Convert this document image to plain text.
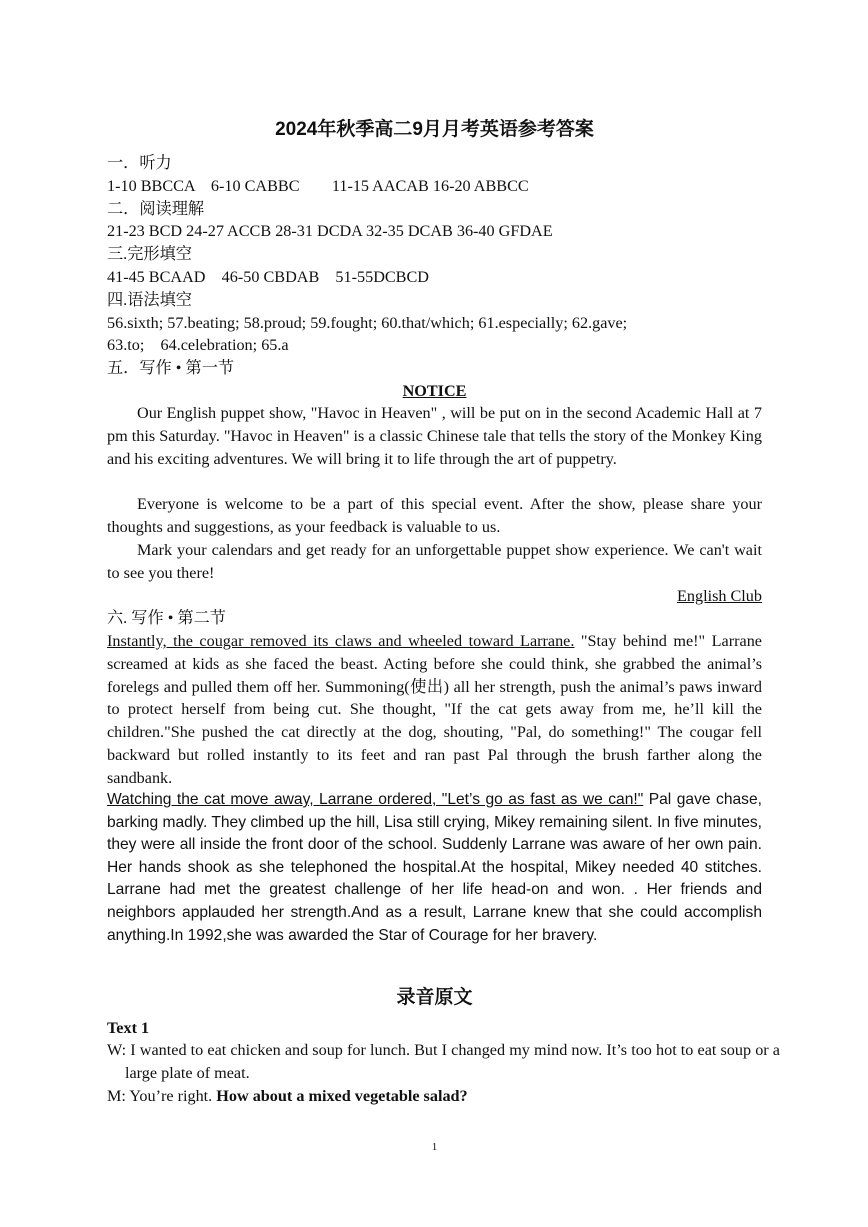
2024年秋季高二9月月考英语参考答案
一．听力
1-10 BBCCA　6-10 CABBC　　11-15 AACAB 16-20 ABBCC
二．阅读理解
21-23 BCD 24-27 ACCB 28-31 DCDA 32-35 DCAB 36-40 GFDAE
三.完形填空
41-45 BCAAD　46-50 CBDAB　51-55DCBCD
四.语法填空
56.sixth; 57.beating; 58.proud; 59.fought; 60.that/which; 61.especially; 62.gave;
63.to;　64.celebration; 65.a
五．写作 • 第一节
NOTICE
Our English puppet show, "Havoc in Heaven" , will be put on in the second Academic Hall at 7 pm this Saturday. "Havoc in Heaven" is a classic Chinese tale that tells the story of the Monkey King and his exciting adventures. We will bring it to life through the art of puppetry.
Everyone is welcome to be a part of this special event. After the show, please share your thoughts and suggestions, as your feedback is valuable to us.
Mark your calendars and get ready for an unforgettable puppet show experience. We can't wait to see you there!
English Club
六. 写作 • 第二节
Instantly, the cougar removed its claws and wheeled toward Larrane. "Stay behind me!" Larrane screamed at kids as she faced the beast. Acting before she could think, she grabbed the animal’s forelegs and pulled them off her. Summoning(使出) all her strength, push the animal’s paws inward to protect herself from being cut. She thought, "If the cat gets away from me, he’ll kill the children."She pushed the cat directly at the dog, shouting, "Pal, do something!" The cougar fell backward but rolled instantly to its feet and ran past Pal through the brush farther along the sandbank.
Watching the cat move away, Larrane ordered, "Let’s go as fast as we can!" Pal gave chase, barking madly. They climbed up the hill, Lisa still crying, Mikey remaining silent. In five minutes, they were all inside the front door of the school. Suddenly Larrane was aware of her own pain. Her hands shook as she telephoned the hospital.At the hospital, Mikey needed 40 stitches. Larrane had met the greatest challenge of her life head-on and won. . Her friends and neighbors applauded her strength.And as a result, Larrane knew that she could accomplish anything.In 1992,she was awarded the Star of Courage for her bravery.
录音原文
Text 1
W: I wanted to eat chicken and soup for lunch. But I changed my mind now. It’s too hot to eat soup or a large plate of meat.
M: You’re right. How about a mixed vegetable salad?
1
